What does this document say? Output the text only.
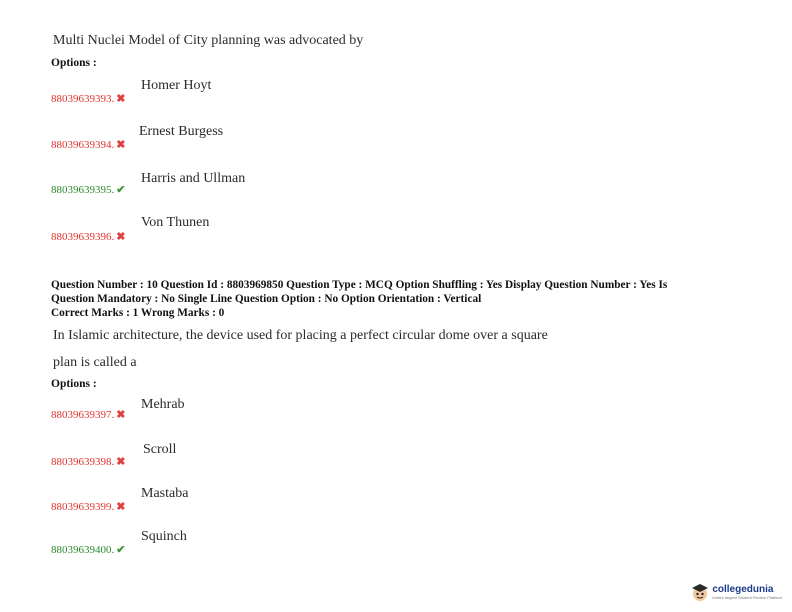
Multi Nuclei Model of City planning was advocated by
Options :
88039639393. ✖
Homer Hoyt
88039639394. ✖
Ernest Burgess
88039639395. ✔
Harris and Ullman
88039639396. ✖
Von Thunen
Question Number : 10 Question Id : 8803969850 Question Type : MCQ Option Shuffling : Yes Display Question Number : Yes Is
Question Mandatory : No Single Line Question Option : No Option Orientation : Vertical
Correct Marks : 1 Wrong Marks : 0
In Islamic architecture, the device used for placing a perfect circular dome over a square
plan is called a
Options :
88039639397. ✖
Mehrab
88039639398. ✖
Scroll
88039639399. ✖
Mastaba
88039639400. ✔
Squinch
collegedunia
India's largest Student Review Platform
